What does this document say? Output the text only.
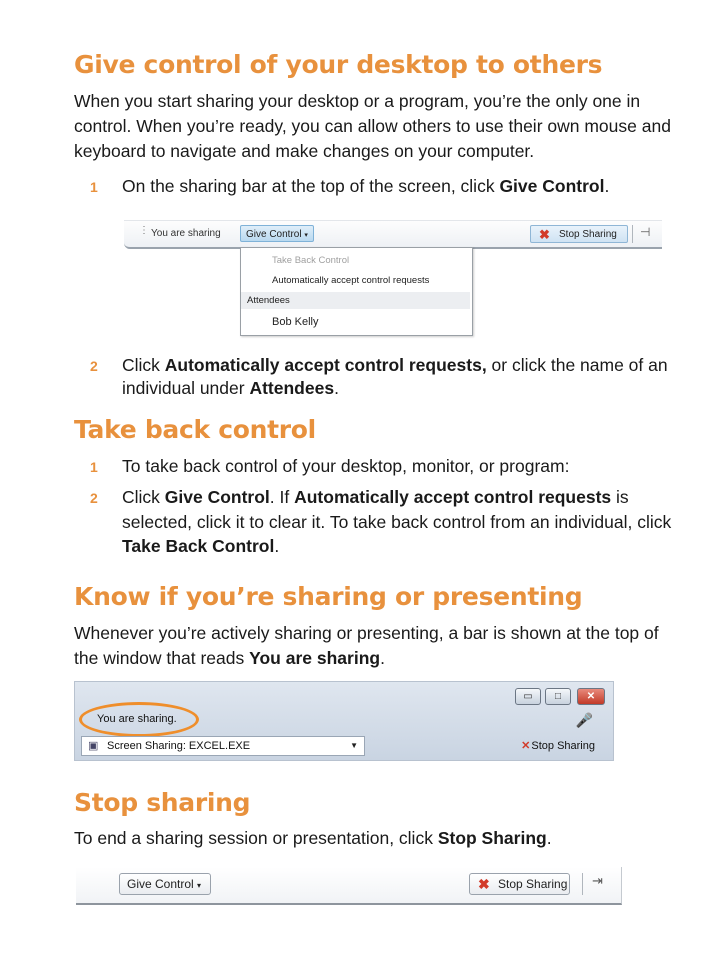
Give control of your desktop to others

When you start sharing your desktop or a program, you’re the only one in control. When you’re ready, you can allow others to use their own mouse and keyboard to navigate and make changes on your computer.

1 On the sharing bar at the top of the screen, click Give Control.
⋮ You are sharing	Give Control ▾	✖ Stop Sharing ⊣
Take Back Control
Automatically accept control requests
Attendees
Bob Kelly
2 Click Automatically accept control requests, or click the name of an individual under Attendees.
Take back control
1 To take back control of your desktop, monitor, or program:
2 Click Give Control. If Automatically accept control requests is selected, click it to clear it. To take back control from an individual, click Take Back Control.
Know if you’re sharing or presenting

Whenever you’re actively sharing or presenting, a bar is shown at the top of the window that reads You are sharing.

▭	□	✕
You are sharing.	🎤
▣ Screen Sharing: EXCEL.EXE	▼	✕Stop Sharing
Stop sharing

To end a sharing session or presentation, click Stop Sharing.

Give Control ▾	✖ Stop Sharing ⇥
